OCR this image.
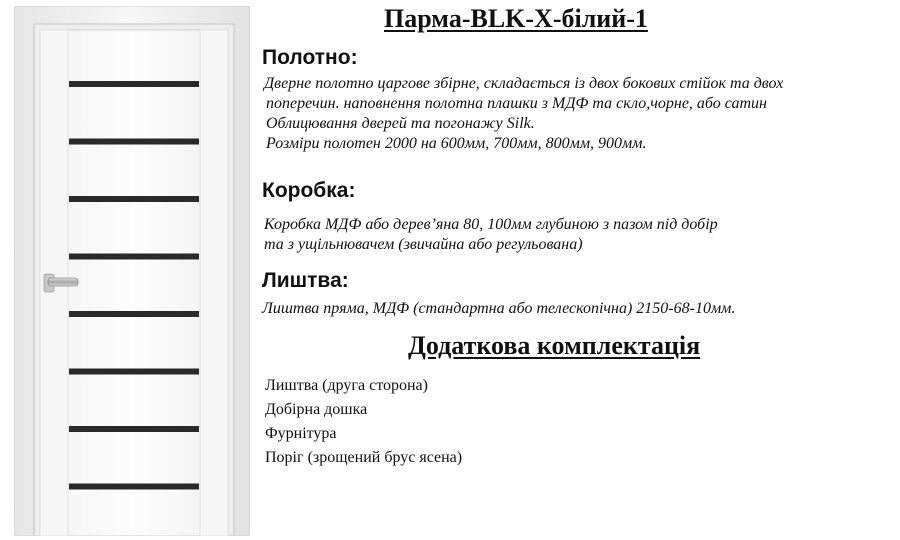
Парма-BLK-X-білий-1
Полотно:
Дверне полотно царгове збірне, складається із двох бокових стійок та двох
поперечин. наповнення полотна плашки з МДФ та скло,чорне, або сатин
Облицювання дверей та погонажу Silk.
Розміри полотен 2000 на 600мм, 700мм, 800мм, 900мм.
Коробка:
Коробка МДФ або дерев’яна 80, 100мм глубиною з пазом під добір
та з ущільнювачем (звичайна або регульована)
Лиштва:
Лиштва пряма, МДФ (стандартна або телескопічна) 2150-68-10мм.
Додаткова комплектація
Лиштва (друга сторона)
Добірна дошка
Фурнітура
Поріг (зрощений брус ясена)
